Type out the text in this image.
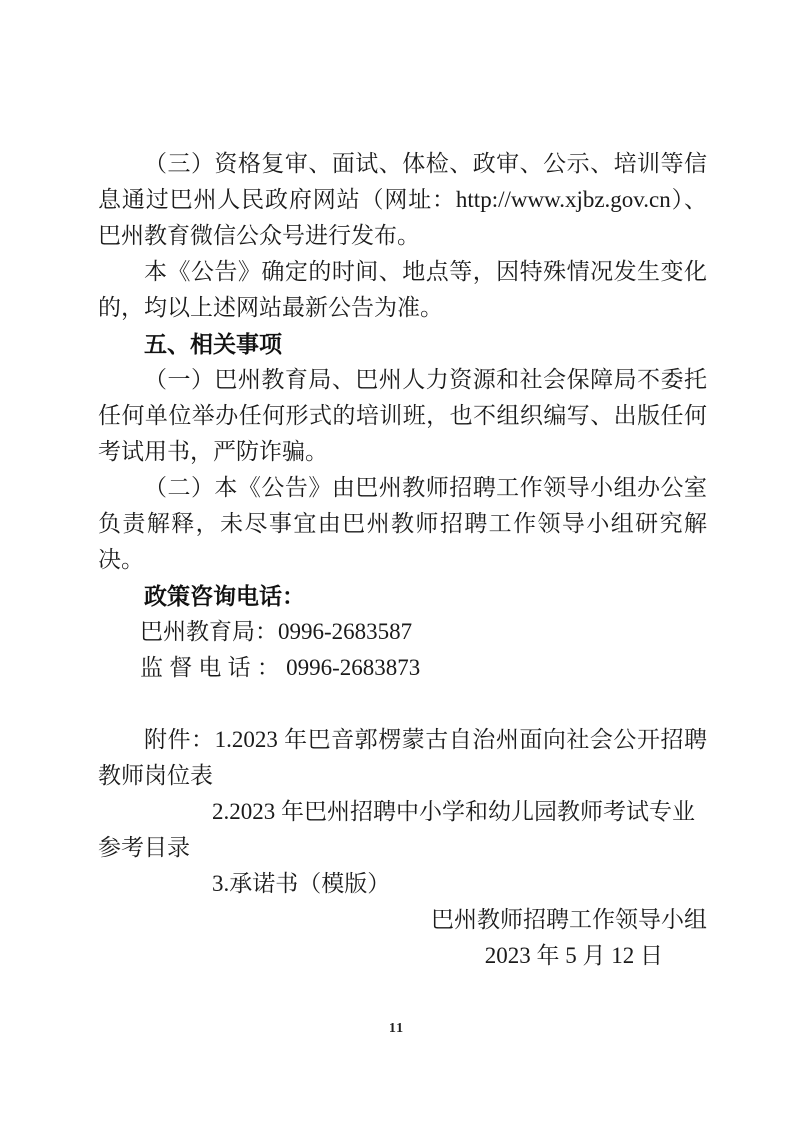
（三）资格复审、面试、体检、政审、公示、培训等信息通过巴州人民政府网站（网址：http://www.xjbz.gov.cn）、巴州教育微信公众号进行发布。

本《公告》确定的时间、地点等，因特殊情况发生变化的，均以上述网站最新公告为准。

五、相关事项

（一）巴州教育局、巴州人力资源和社会保障局不委托任何单位举办任何形式的培训班，也不组织编写、出版任何考试用书，严防诈骗。

（二）本《公告》由巴州教师招聘工作领导小组办公室负责解释，未尽事宜由巴州教师招聘工作领导小组研究解决。

政策咨询电话：

巴州教育局：0996-2683587

监督电话：0996-2683873

附件：1.2023 年巴音郭楞蒙古自治州面向社会公开招聘教师岗位表

2.2023 年巴州招聘中小学和幼儿园教师考试专业参考目录

3.承诺书（模版）

巴州教师招聘工作领导小组

2023 年 5 月 12 日

11
